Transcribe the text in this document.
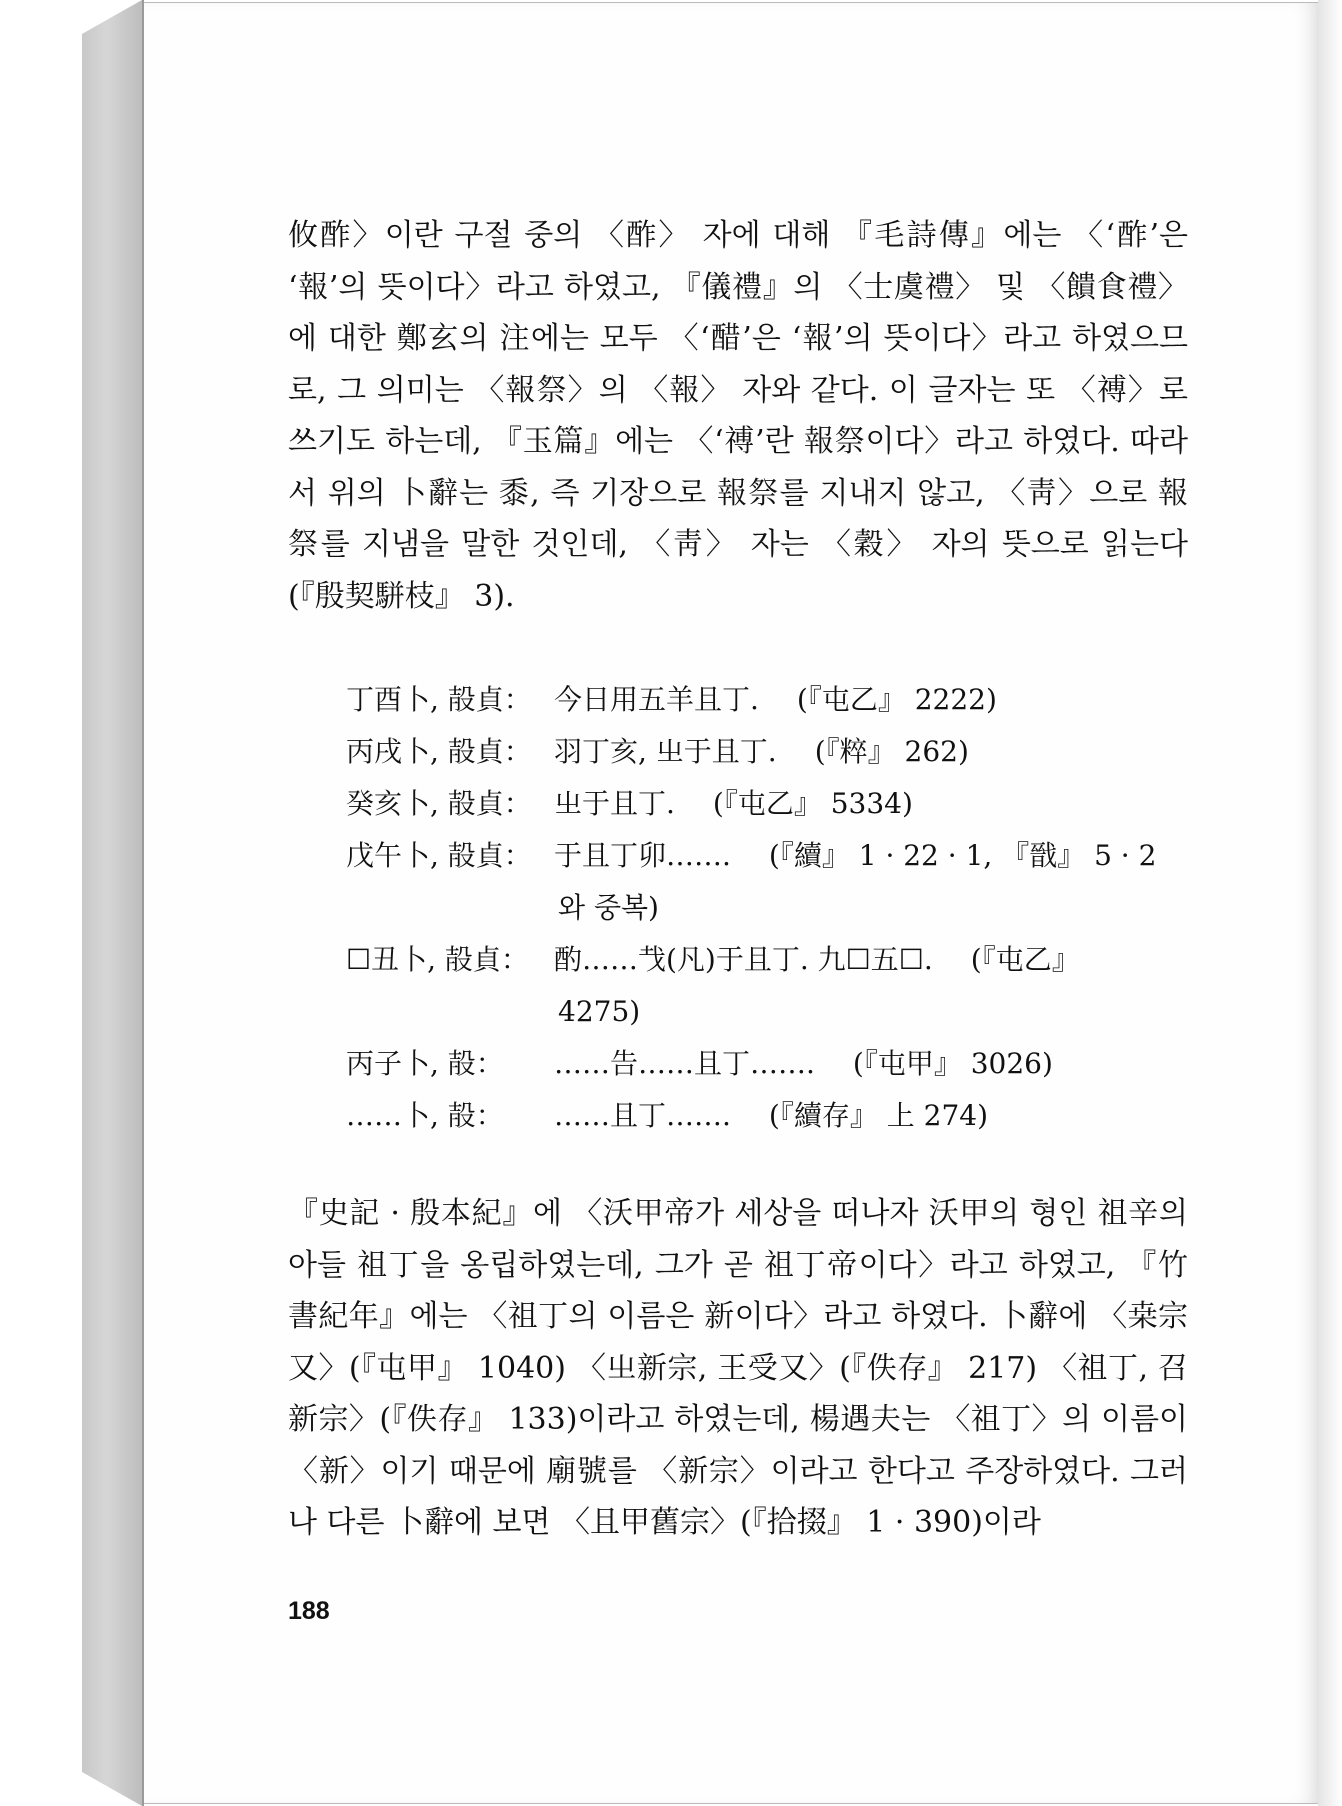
攸酢〉이란 구절 중의 〈酢〉 자에 대해 『毛詩傳』에는 〈‘酢’은 ‘報’의 뜻이다〉라고 하였고, 『儀禮』의 〈士虞禮〉 및 〈饋食禮〉에 대한 鄭玄의 注에는 모두 〈‘醋’은 ‘報’의 뜻이다〉라고 하였으므로, 그 의미는 〈報祭〉의 〈報〉 자와 같다. 이 글자는 또 〈禣〉로 쓰기도 하는데, 『玉篇』에는 〈‘禣’란 報祭이다〉라고 하였다. 따라서 위의 卜辭는 黍, 즉 기장으로 報祭를 지내지 않고, 〈靑〉으로 報祭를 지냄을 말한 것인데, 〈靑〉 자는 〈穀〉 자의 뜻으로 읽는다(『殷契駢枝』 3).

丁酉卜, 㱿貞： 今日用五羊且丁. (『屯乙』 2222)
丙戌卜, 㱿貞： 羽丁亥, 㞢于且丁. (『粹』 262)
癸亥卜, 㱿貞： 㞢于且丁. (『屯乙』 5334)
戊午卜, 㱿貞： 于且丁卯……. (『續』 1 · 22 · 1, 『戩』 5 · 2
와 중복)
☐丑卜, 㱿貞： 酌……𢦏(凡)于且丁. 九☐五☐. (『屯乙』
4275)
丙子卜, 㱿：	……告……且丁……. (『屯甲』 3026)
……卜, 㱿：	……且丁……. (『續存』 上 274)

『史記 · 殷本紀』에 〈沃甲帝가 세상을 떠나자 沃甲의 형인 祖辛의 아들 祖丁을 옹립하였는데, 그가 곧 祖丁帝이다〉라고 하였고, 『竹書紀年』에는 〈祖丁의 이름은 新이다〉라고 하였다. 卜辭에 〈桒宗又〉(『屯甲』 1040) 〈㞢新宗, 王受又〉(『佚存』 217) 〈祖丁, 召新宗〉(『佚存』 133)이라고 하였는데, 楊遇夫는 〈祖丁〉의 이름이 〈新〉이기 때문에 廟號를 〈新宗〉이라고 한다고 주장하였다. 그러나 다른 卜辭에 보면 〈且甲舊宗〉(『拾掇』 1 · 390)이라

188
